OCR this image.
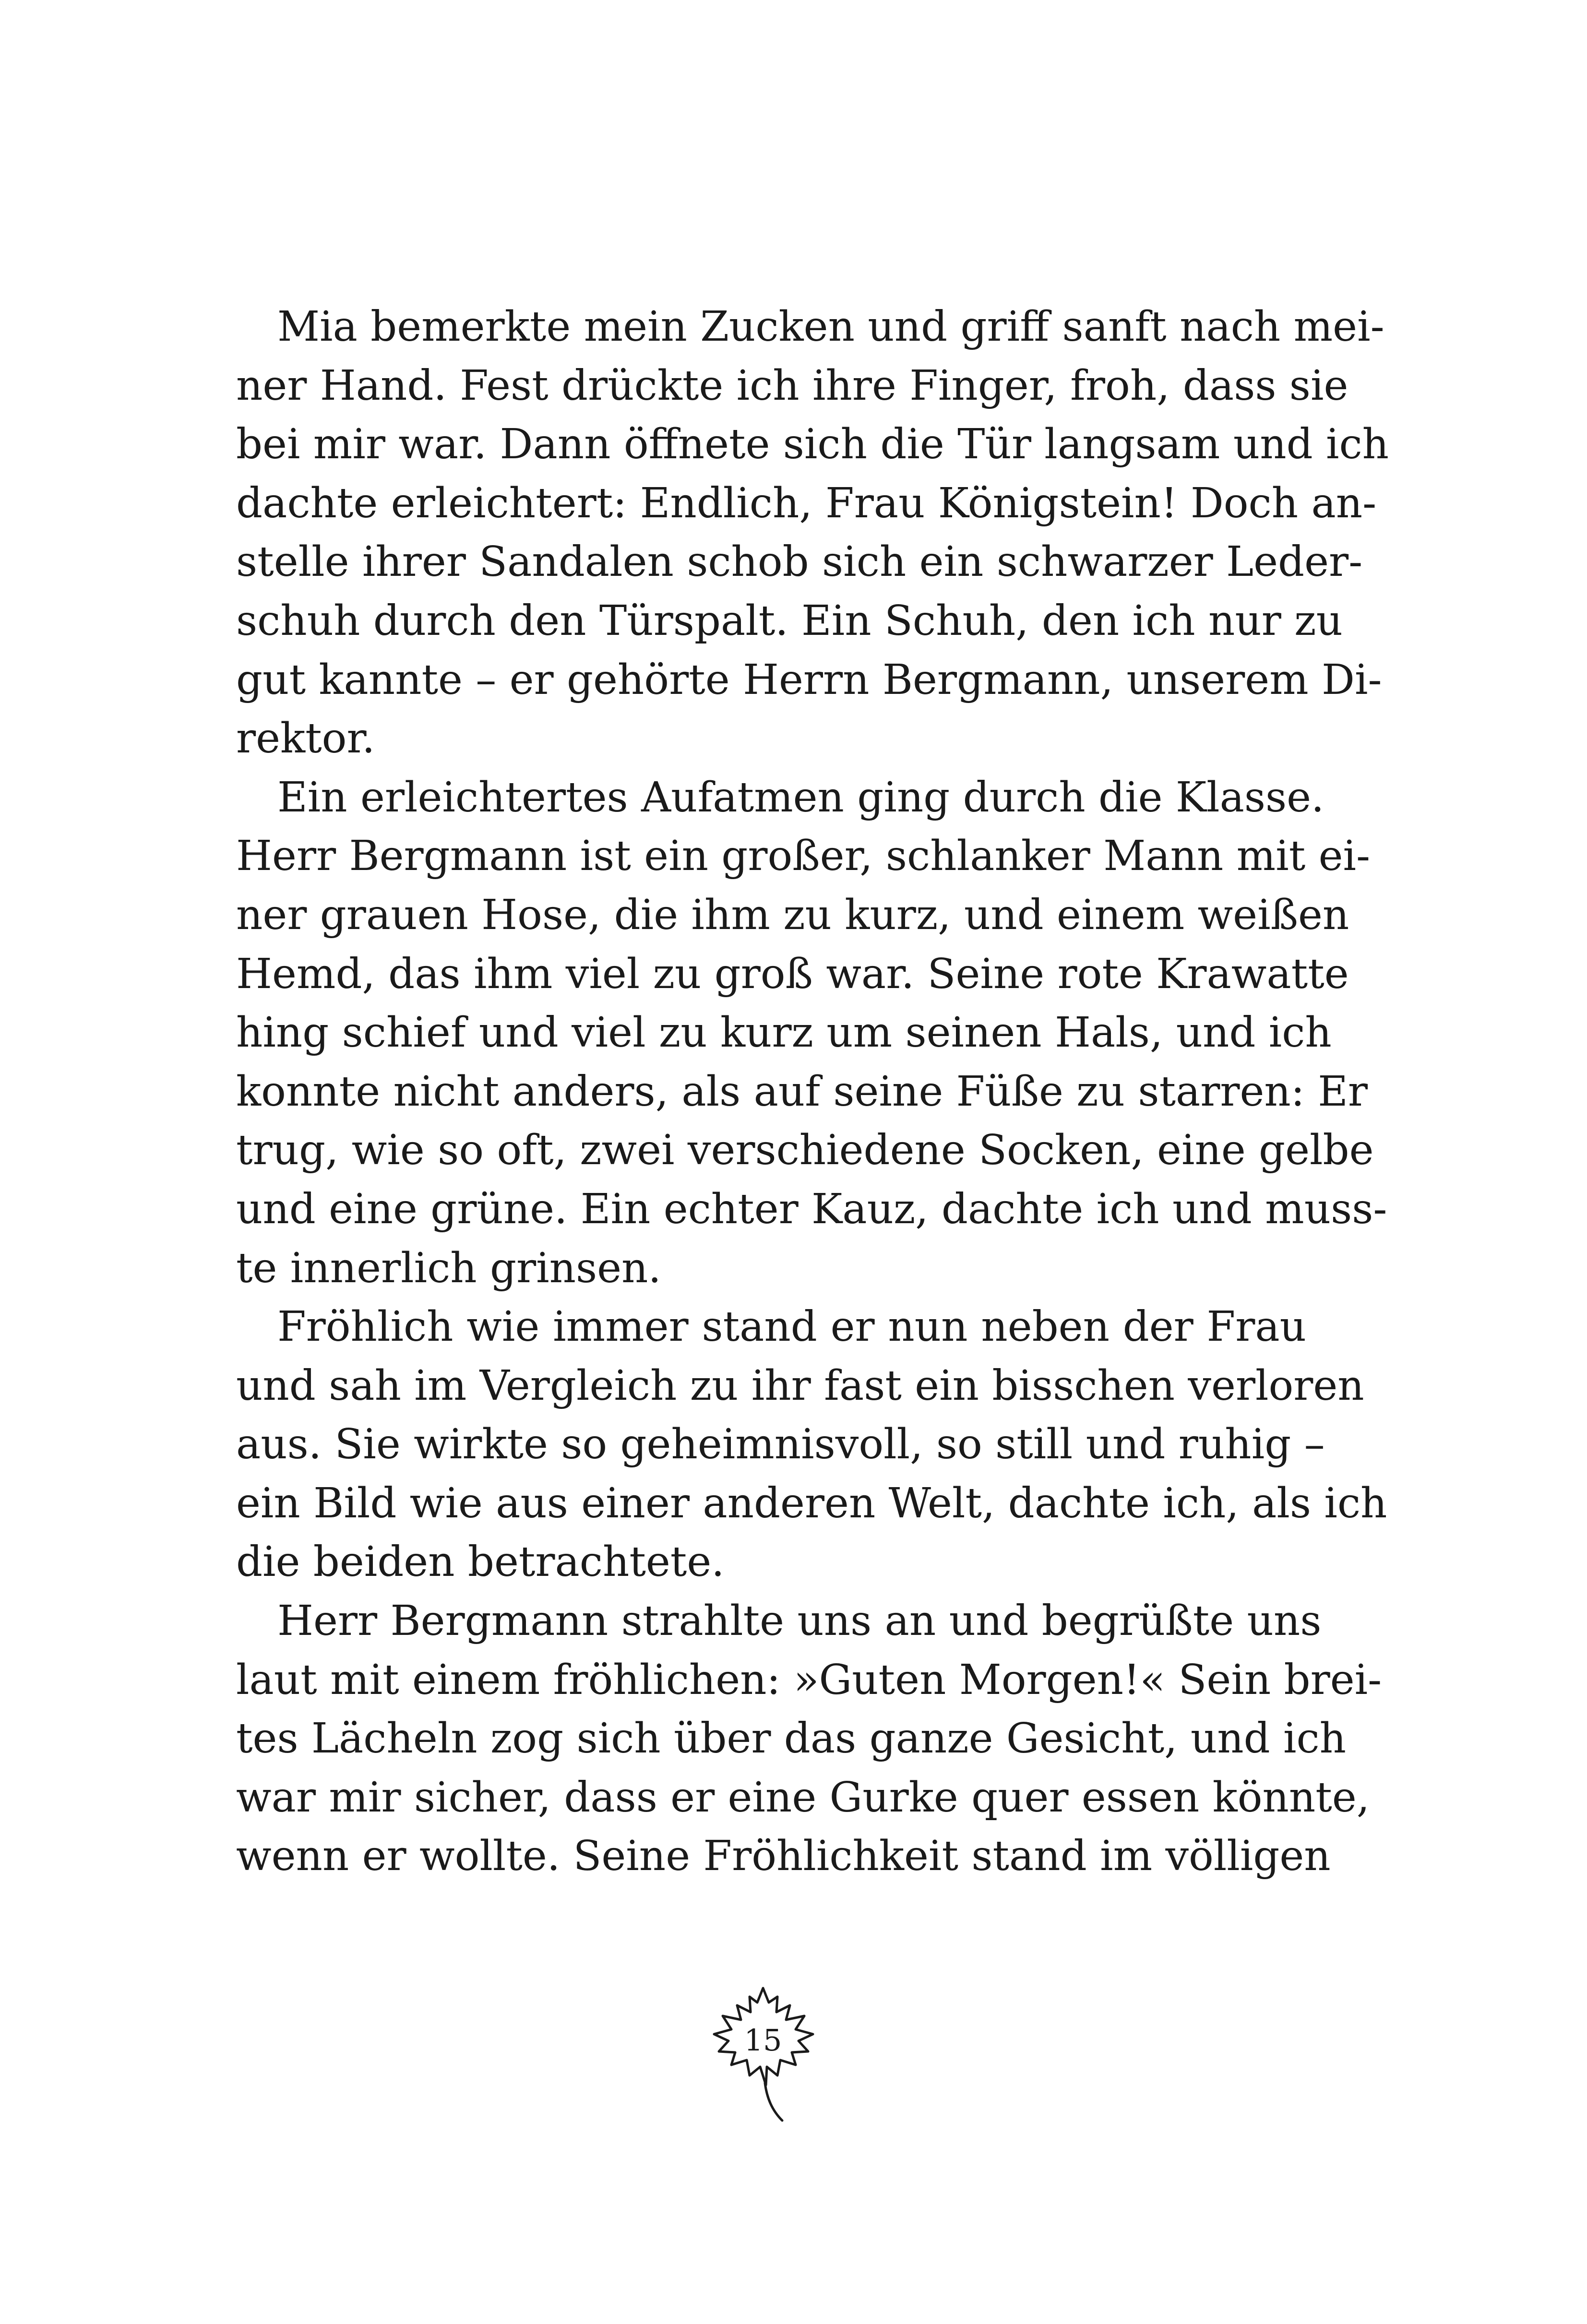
Mia bemerkte mein Zucken und griff sanft nach mei-
ner Hand. Fest drückte ich ihre Finger, froh, dass sie
bei mir war. Dann öffnete sich die Tür langsam und ich
dachte erleichtert: Endlich, Frau Königstein! Doch an-
stelle ihrer Sandalen schob sich ein schwarzer Leder-
schuh durch den Türspalt. Ein Schuh, den ich nur zu
gut kannte – er gehörte Herrn Bergmann, unserem Di-
rektor.
Ein erleichtertes Aufatmen ging durch die Klasse.
Herr Bergmann ist ein großer, schlanker Mann mit ei-
ner grauen Hose, die ihm zu kurz, und einem weißen
Hemd, das ihm viel zu groß war. Seine rote Krawatte
hing schief und viel zu kurz um seinen Hals, und ich
konnte nicht anders, als auf seine Füße zu starren: Er
trug, wie so oft, zwei verschiedene Socken, eine gelbe
und eine grüne. Ein echter Kauz, dachte ich und muss-
te innerlich grinsen.
Fröhlich wie immer stand er nun neben der Frau
und sah im Vergleich zu ihr fast ein bisschen verloren
aus. Sie wirkte so geheimnisvoll, so still und ruhig –
ein Bild wie aus einer anderen Welt, dachte ich, als ich
die beiden betrachtete.
Herr Bergmann strahlte uns an und begrüßte uns
laut mit einem fröhlichen: »Guten Morgen!« Sein brei-
tes Lächeln zog sich über das ganze Gesicht, und ich
war mir sicher, dass er eine Gurke quer essen könnte,
wenn er wollte. Seine Fröhlichkeit stand im völligen
15
